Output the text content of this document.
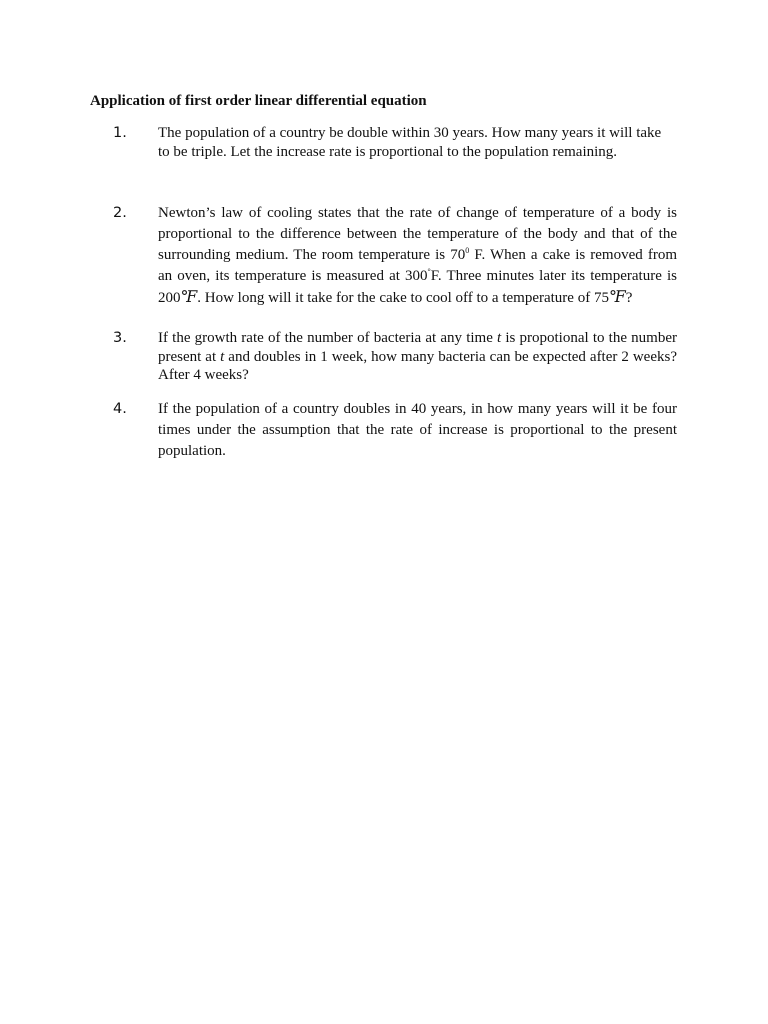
Application of first order linear differential equation
1. The population of a country be double within 30 years. How many years it will take to be triple. Let the increase rate is proportional to the population remaining.
2. Newton’s law of cooling states that the rate of change of temperature of a body is proportional to the difference between the temperature of the body and that of the surrounding medium. The room temperature is $70^0$ F. When a cake is removed from an oven, its temperature is measured at 300°F. Three minutes later its temperature is 200℉. How long will it take for the cake to cool off to a temperature of 75℉?
3. If the growth rate of the number of bacteria at any time t is propotional to the number present at t and doubles in 1 week, how many bacteria can be expected after 2 weeks? After 4 weeks?
4. If the population of a country doubles in 40 years, in how many years will it be four times under the assumption that the rate of increase is proportional to the present population.
